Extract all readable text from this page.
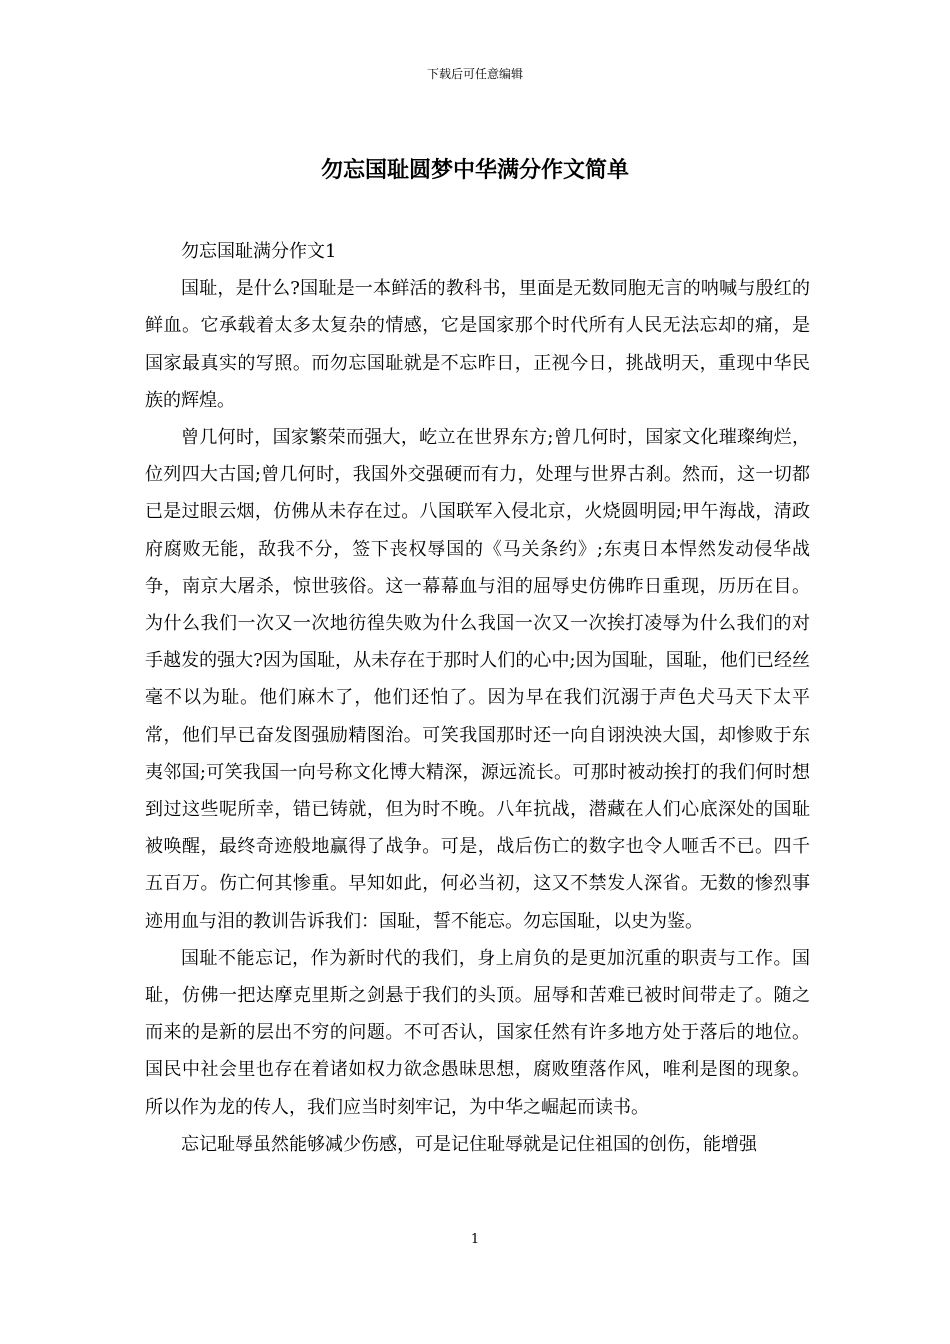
下载后可任意编辑
勿忘国耻圆梦中华满分作文简单

勿忘国耻满分作文1

国耻，是什么?国耻是一本鲜活的教科书，里面是无数同胞无言的呐喊与殷红的鲜血。它承载着太多太复杂的情感，它是国家那个时代所有人民无法忘却的痛，是国家最真实的写照。而勿忘国耻就是不忘昨日，正视今日，挑战明天，重现中华民族的辉煌。

曾几何时，国家繁荣而强大，屹立在世界东方;曾几何时，国家文化璀璨绚烂，位列四大古国;曾几何时，我国外交强硬而有力，处理与世界古刹。然而，这一切都已是过眼云烟，仿佛从未存在过。八国联军入侵北京，火烧圆明园;甲午海战，清政府腐败无能，敌我不分，签下丧权辱国的《马关条约》;东夷日本悍然发动侵华战争，南京大屠杀，惊世骇俗。这一幕幕血与泪的屈辱史仿佛昨日重现，历历在目。为什么我们一次又一次地彷徨失败为什么我国一次又一次挨打凌辱为什么我们的对手越发的强大?因为国耻，从未存在于那时人们的心中;因为国耻，国耻，他们已经丝毫不以为耻。他们麻木了，他们还怕了。因为早在我们沉溺于声色犬马天下太平常，他们早已奋发图强励精图治。可笑我国那时还一向自诩泱泱大国，却惨败于东夷邻国;可笑我国一向号称文化博大精深，源远流长。可那时被动挨打的我们何时想到过这些呢所幸，错已铸就，但为时不晚。八年抗战，潜藏在人们心底深处的国耻被唤醒，最终奇迹般地赢得了战争。可是，战后伤亡的数字也令人咂舌不已。四千五百万。伤亡何其惨重。早知如此，何必当初，这又不禁发人深省。无数的惨烈事迹用血与泪的教训告诉我们：国耻，誓不能忘。勿忘国耻，以史为鉴。

国耻不能忘记，作为新时代的我们，身上肩负的是更加沉重的职责与工作。国耻，仿佛一把达摩克里斯之剑悬于我们的头顶。屈辱和苦难已被时间带走了。随之而来的是新的层出不穷的问题。不可否认，国家任然有许多地方处于落后的地位。国民中社会里也存在着诸如权力欲念愚昧思想，腐败堕落作风，唯利是图的现象。所以作为龙的传人，我们应当时刻牢记，为中华之崛起而读书。

忘记耻辱虽然能够减少伤感，可是记住耻辱就是记住祖国的创伤，能增强

1
